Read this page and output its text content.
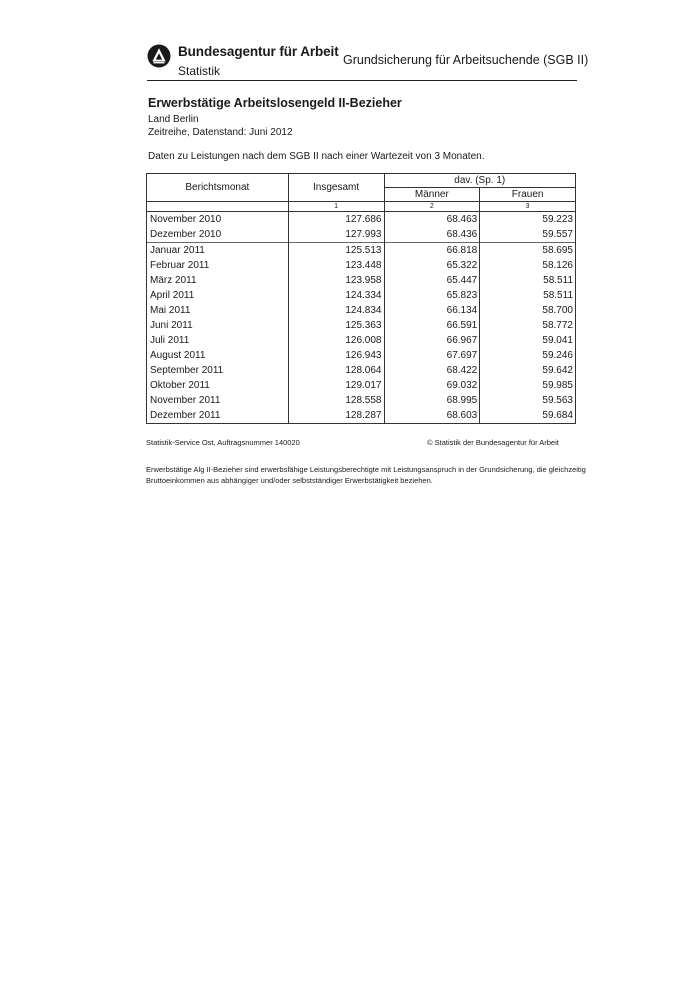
Bundesagentur für Arbeit
Statistik
Grundsicherung für Arbeitsuchende (SGB II)
Erwerbstätige Arbeitslosengeld II-Bezieher
Land Berlin
Zeitreihe, Datenstand: Juni 2012
Daten zu Leistungen nach dem SGB II nach einer Wartezeit von 3 Monaten.
Berichtsmonat	Insgesamt	dav. (Sp. 1)	
		Männer	Frauen
	1	2	3
November 2010	127.686	68.463	59.223
Dezember 2010	127.993	68.436	59.557
Januar 2011	125.513	66.818	58.695
Februar 2011	123.448	65.322	58.126
März 2011	123.958	65.447	58.511
April 2011	124.334	65.823	58.511
Mai 2011	124.834	66.134	58.700
Juni 2011	125.363	66.591	58.772
Juli 2011	126.008	66.967	59.041
August 2011	126.943	67.697	59.246
September 2011	128.064	68.422	59.642
Oktober 2011	129.017	69.032	59.985
November 2011	128.558	68.995	59.563
Dezember 2011	128.287	68.603	59.684
Statistik-Service Ost, Auftragsnummer 140020	© Statistik der Bundesagentur für Arbeit
Erwerbstätige Alg II-Bezieher sind erwerbsfähige Leistungsberechtigte mit Leistungsanspruch in der Grundsicherung, die gleichzeitig Bruttoeinkommen aus abhängiger und/oder selbstständiger Erwerbstätigkeit beziehen.
